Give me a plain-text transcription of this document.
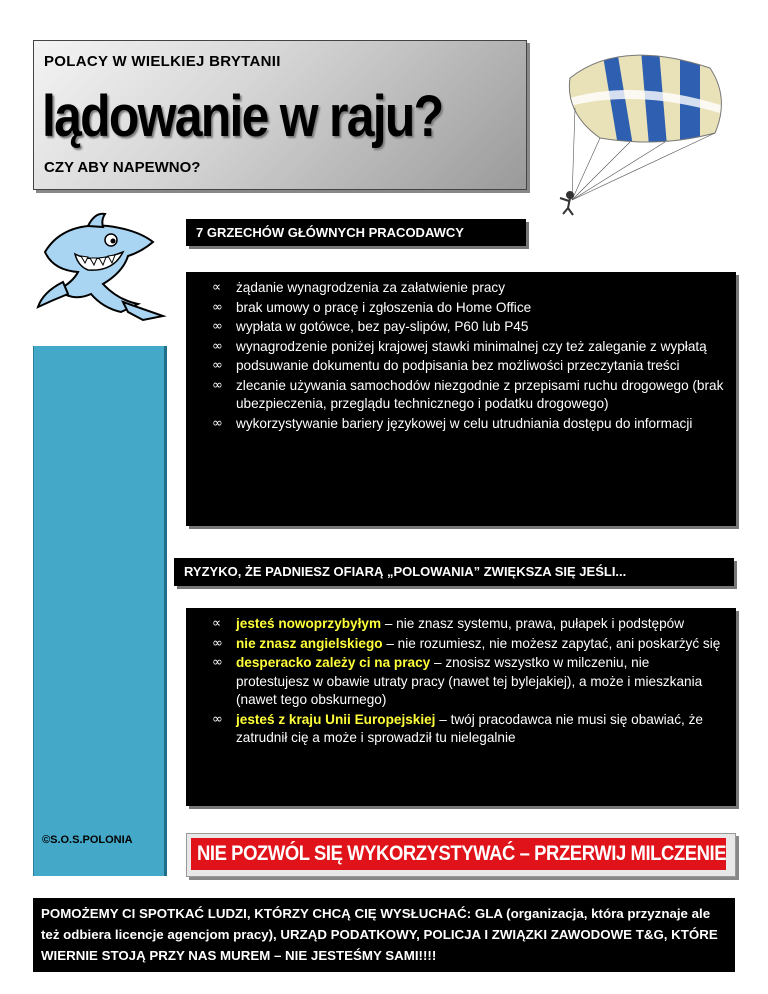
POLACY W WIELKIEJ BRYTANII
lądowanie w raju?
CZY ABY NAPEWNO?
©S.O.S.POLONIA
7 GRZECHÓW GŁÓWNYCH PRACODAWCY
∝ żądanie wynagrodzenia za załatwienie pracy
∞ brak umowy o pracę i zgłoszenia do Home Office
∞ wypłata w gotówce, bez pay-slipów, P60 lub P45
∞ wynagrodzenie poniżej krajowej stawki minimalnej czy też zaleganie z wypłatą
∞ podsuwanie dokumentu do podpisania bez możliwości przeczytania treści
∞ zlecanie używania samochodów niezgodnie z przepisami ruchu drogowego (brak ubezpieczenia, przeglądu technicznego i podatku drogowego)
∞ wykorzystywanie bariery językowej w celu utrudniania dostępu do informacji
RYZYKO, ŻE PADNIESZ OFIARĄ „POLOWANIA” ZWIĘKSZA SIĘ JEŚLI...
∝ jesteś nowoprzybyłym – nie znasz systemu, prawa, pułapek i podstępów
∞ nie znasz angielskiego – nie rozumiesz, nie możesz zapytać, ani poskarżyć się
∞ desperacko zależy ci na pracy – znosisz wszystko w milczeniu, nie protestujesz w obawie utraty pracy (nawet tej bylejakiej), a może i mieszkania (nawet tego obskurnego)
∞ jesteś z kraju Unii Europejskiej – twój pracodawca nie musi się obawiać, że zatrudnił cię a może i sprowadził tu nielegalnie
NIE POZWÓL SIĘ WYKORZYSTYWAĆ – PRZERWIJ MILCZENIE
POMOŻEMY CI SPOTKAĆ LUDZI, KTÓRZY CHCĄ CIĘ WYSŁUCHAĆ: GLA (organizacja, która przyznaje ale też odbiera licencje agencjom pracy), URZĄD PODATKOWY, POLICJA I ZWIĄZKI ZAWODOWE T&G, KTÓRE WIERNIE STOJĄ PRZY NAS MUREM – NIE JESTEŚMY SAMI!!!!
